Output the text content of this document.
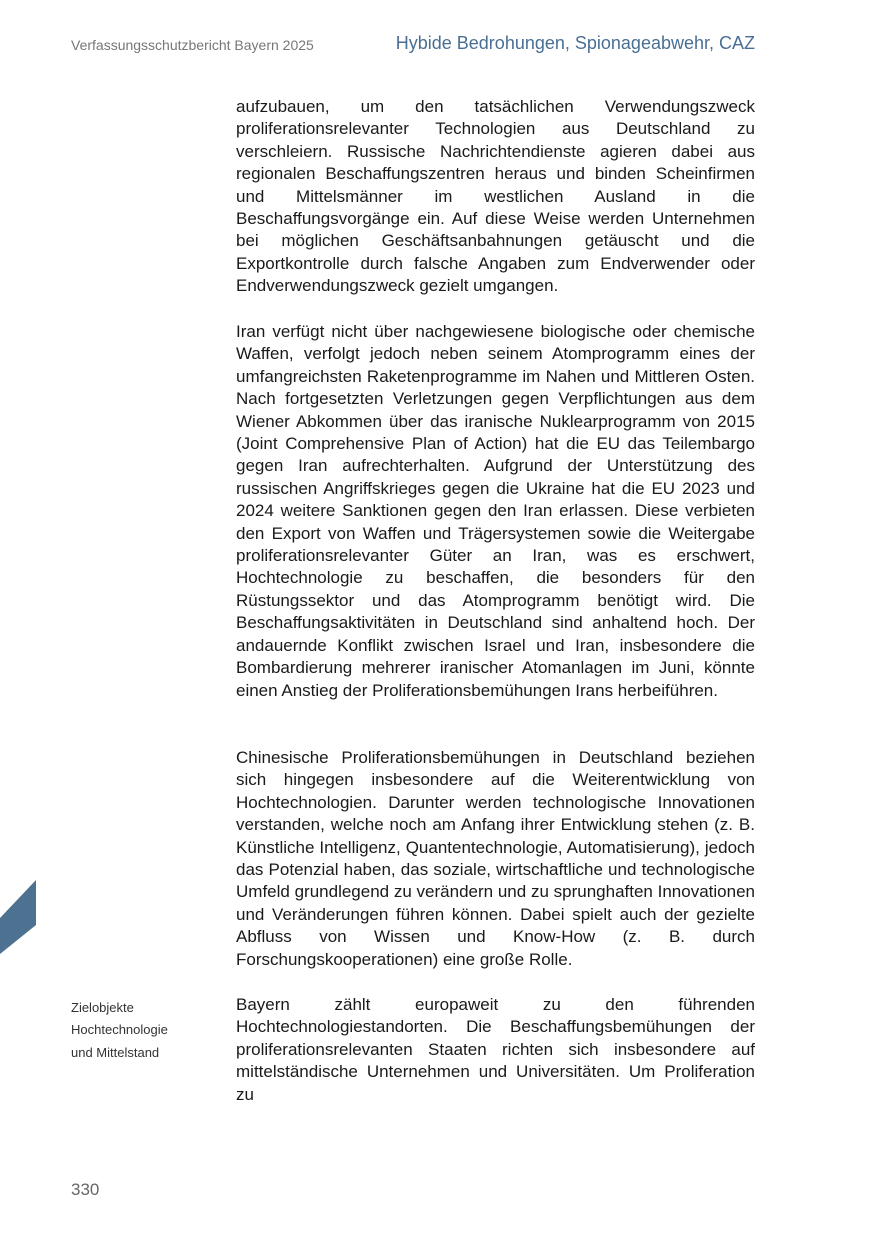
Verfassungsschutzbericht Bayern 2025	Hybide Bedrohungen, Spionageabwehr, CAZ
aufzubauen, um den tatsächlichen Verwendungszweck proliferationsrelevanter Technologien aus Deutschland zu verschleiern. Russische Nachrichtendienste agieren dabei aus regionalen Beschaffungszentren heraus und binden Scheinfirmen und Mittelsmänner im westlichen Ausland in die Beschaffungsvorgänge ein. Auf diese Weise werden Unternehmen bei möglichen Geschäftsanbahnungen getäuscht und die Exportkontrolle durch falsche Angaben zum Endverwender oder Endverwendungszweck gezielt umgangen.
Iran verfügt nicht über nachgewiesene biologische oder chemische Waffen, verfolgt jedoch neben seinem Atomprogramm eines der umfangreichsten Raketenprogramme im Nahen und Mittleren Osten. Nach fortgesetzten Verletzungen gegen Verpflichtungen aus dem Wiener Abkommen über das iranische Nuklearprogramm von 2015 (Joint Comprehensive Plan of Action) hat die EU das Teilembargo gegen Iran aufrechterhalten. Aufgrund der Unterstützung des russischen Angriffskrieges gegen die Ukraine hat die EU 2023 und 2024 weitere Sanktionen gegen den Iran erlassen. Diese verbieten den Export von Waffen und Trägersystemen sowie die Weitergabe proliferationsrelevanter Güter an Iran, was es erschwert, Hochtechnologie zu beschaffen, die besonders für den Rüstungssektor und das Atomprogramm benötigt wird. Die Beschaffungsaktivitäten in Deutschland sind anhaltend hoch. Der andauernde Konflikt zwischen Israel und Iran, insbesondere die Bombardierung mehrerer iranischer Atomanlagen im Juni, könnte einen Anstieg der Proliferationsbemühungen Irans herbeiführen.
Chinesische Proliferationsbemühungen in Deutschland beziehen sich hingegen insbesondere auf die Weiterentwicklung von Hochtechnologien. Darunter werden technologische Innovationen verstanden, welche noch am Anfang ihrer Entwicklung stehen (z. B. Künstliche Intelligenz, Quantentechnologie, Automatisierung), jedoch das Potenzial haben, das soziale, wirtschaftliche und technologische Umfeld grundlegend zu verändern und zu sprunghaften Innovationen und Veränderungen führen können. Dabei spielt auch der gezielte Abfluss von Wissen und Know-How (z. B. durch Forschungskooperationen) eine große Rolle.
Bayern zählt europaweit zu den führenden Hochtechnologiestandorten. Die Beschaffungsbemühungen der proliferationsrelevanten Staaten richten sich insbesondere auf mittelständische Unternehmen und Universitäten. Um Proliferation zu
Zielobjekte
Hochtechnologie
und Mittelstand
330
